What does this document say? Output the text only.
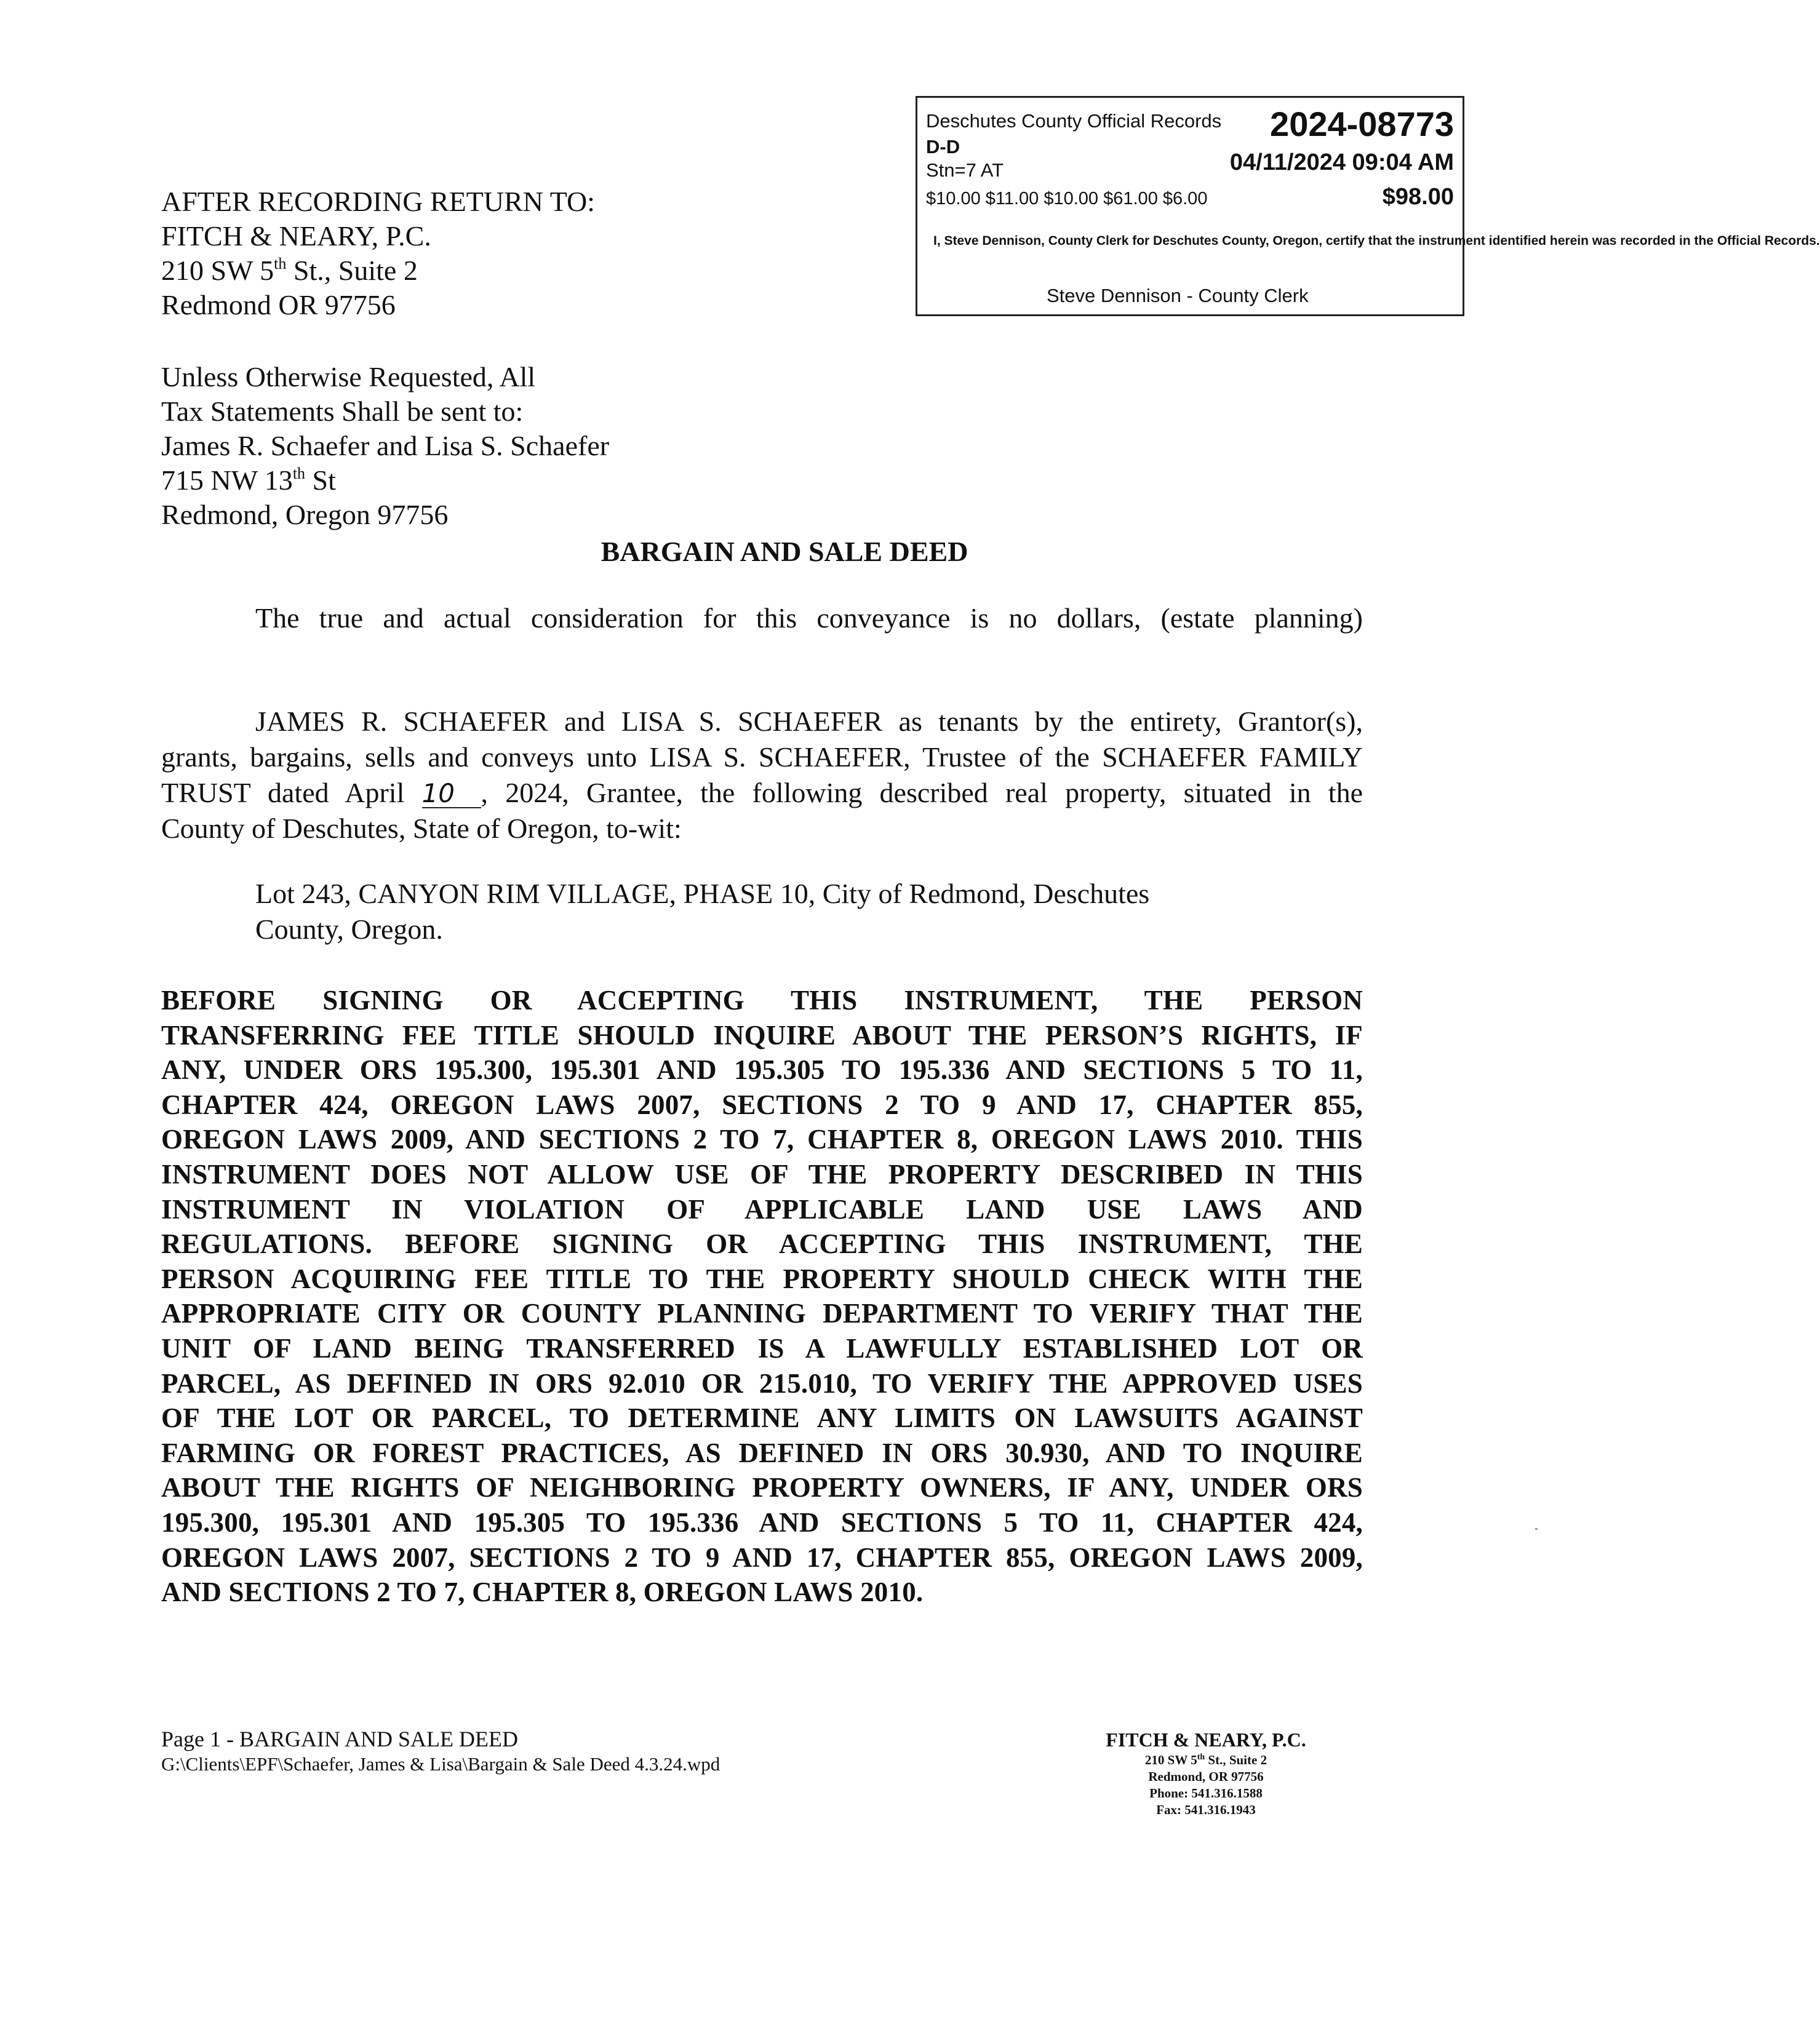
Deschutes County Official Records 2024-08773
D-D
Stn=7 AT	04/11/2024 09:04 AM
$10.00 $11.00 $10.00 $61.00 $6.00	$98.00
I, Steve Dennison, County Clerk for Deschutes County, Oregon, certify that the instrument identified herein was recorded in the Official Records.
Steve Dennison - County Clerk
AFTER RECORDING RETURN TO:
FITCH & NEARY, P.C.
210 SW 5th St., Suite 2
Redmond OR 97756
Unless Otherwise Requested, All
Tax Statements Shall be sent to:
James R. Schaefer and Lisa S. Schaefer
715 NW 13th St
Redmond, Oregon 97756
BARGAIN AND SALE DEED
The true and actual consideration for this conveyance is no dollars, (estate planning)
JAMES R. SCHAEFER and LISA S. SCHAEFER as tenants by the entirety, Grantor(s),
grants, bargains, sells and conveys unto LISA S. SCHAEFER, Trustee of the SCHAEFER FAMILY
TRUST dated April 10 , 2024, Grantee, the following described real property, situated in the
County of Deschutes, State of Oregon, to-wit:
Lot 243, CANYON RIM VILLAGE, PHASE 10, City of Redmond, Deschutes
County, Oregon.
BEFORE SIGNING OR ACCEPTING THIS INSTRUMENT, THE PERSON
TRANSFERRING FEE TITLE SHOULD INQUIRE ABOUT THE PERSON’S RIGHTS, IF
ANY, UNDER ORS 195.300, 195.301 AND 195.305 TO 195.336 AND SECTIONS 5 TO 11,
CHAPTER 424, OREGON LAWS 2007, SECTIONS 2 TO 9 AND 17, CHAPTER 855,
OREGON LAWS 2009, AND SECTIONS 2 TO 7, CHAPTER 8, OREGON LAWS 2010. THIS
INSTRUMENT DOES NOT ALLOW USE OF THE PROPERTY DESCRIBED IN THIS
INSTRUMENT IN VIOLATION OF APPLICABLE LAND USE LAWS AND
REGULATIONS. BEFORE SIGNING OR ACCEPTING THIS INSTRUMENT, THE
PERSON ACQUIRING FEE TITLE TO THE PROPERTY SHOULD CHECK WITH THE
APPROPRIATE CITY OR COUNTY PLANNING DEPARTMENT TO VERIFY THAT THE
UNIT OF LAND BEING TRANSFERRED IS A LAWFULLY ESTABLISHED LOT OR
PARCEL, AS DEFINED IN ORS 92.010 OR 215.010, TO VERIFY THE APPROVED USES
OF THE LOT OR PARCEL, TO DETERMINE ANY LIMITS ON LAWSUITS AGAINST
FARMING OR FOREST PRACTICES, AS DEFINED IN ORS 30.930, AND TO INQUIRE
ABOUT THE RIGHTS OF NEIGHBORING PROPERTY OWNERS, IF ANY, UNDER ORS
195.300, 195.301 AND 195.305 TO 195.336 AND SECTIONS 5 TO 11, CHAPTER 424,
OREGON LAWS 2007, SECTIONS 2 TO 9 AND 17, CHAPTER 855, OREGON LAWS 2009,
AND SECTIONS 2 TO 7, CHAPTER 8, OREGON LAWS 2010.
Page 1 - BARGAIN AND SALE DEED
G:\Clients\EPF\Schaefer, James & Lisa\Bargain & Sale Deed 4.3.24.wpd
FITCH & NEARY, P.C.
210 SW 5th St., Suite 2
Redmond, OR 97756
Phone: 541.316.1588
Fax: 541.316.1943
